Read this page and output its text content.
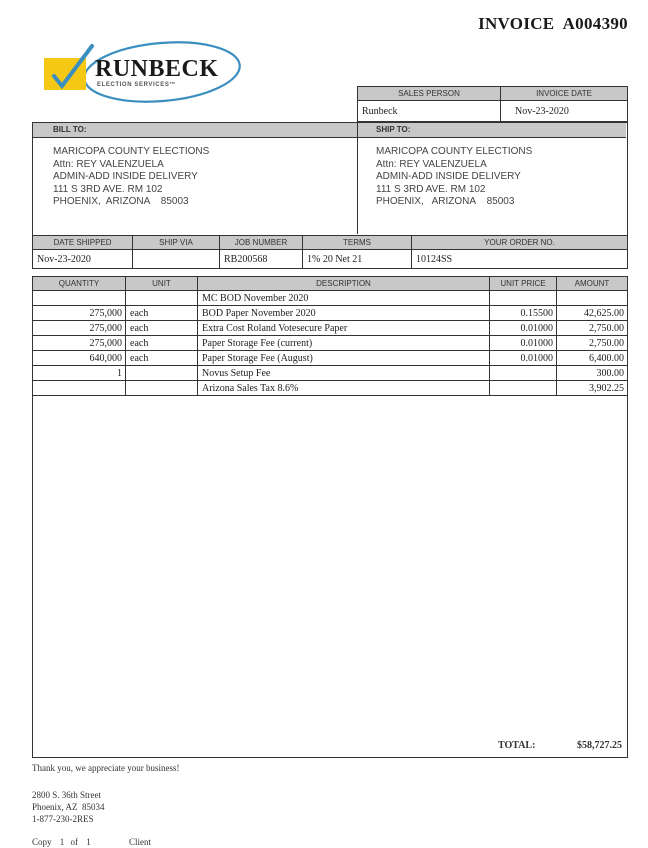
INVOICE  A004390
RUNBECK
ELECTION SERVICES™
SALES PERSON	INVOICE DATE
Runbeck	Nov-23-2020
BILL TO:	SHIP TO:
MARICOPA COUNTY ELECTIONS
Attn: REY VALENZUELA
ADMIN-ADD INSIDE DELIVERY
111 S 3RD AVE. RM 102
PHOENIX,  ARIZONA    85003
MARICOPA COUNTY ELECTIONS
Attn: REY VALENZUELA
ADMIN-ADD INSIDE DELIVERY
111 S 3RD AVE. RM 102
PHOENIX,   ARIZONA    85003
DATE SHIPPED	SHIP VIA	JOB NUMBER	TERMS	YOUR ORDER NO.
Nov-23-2020		RB200568	1% 20 Net 21	10124SS
QUANTITY	UNIT	DESCRIPTION	UNIT PRICE	AMOUNT
		MC BOD November 2020		
275,000	each	BOD Paper November 2020	0.15500	42,625.00
275,000	each	Extra Cost Roland Votesecure Paper	0.01000	2,750.00
275,000	each	Paper Storage Fee (current)	0.01000	2,750.00
640,000	each	Paper Storage Fee (August)	0.01000	6,400.00
1		Novus Setup Fee		300.00
		Arizona Sales Tax 8.6%		3,902.25
TOTAL:	$58,727.25
Thank you, we appreciate your business!
2800 S. 36th Street
Phoenix, AZ  85034
1-877-230-2RES
Copy 1 of 1	Client
